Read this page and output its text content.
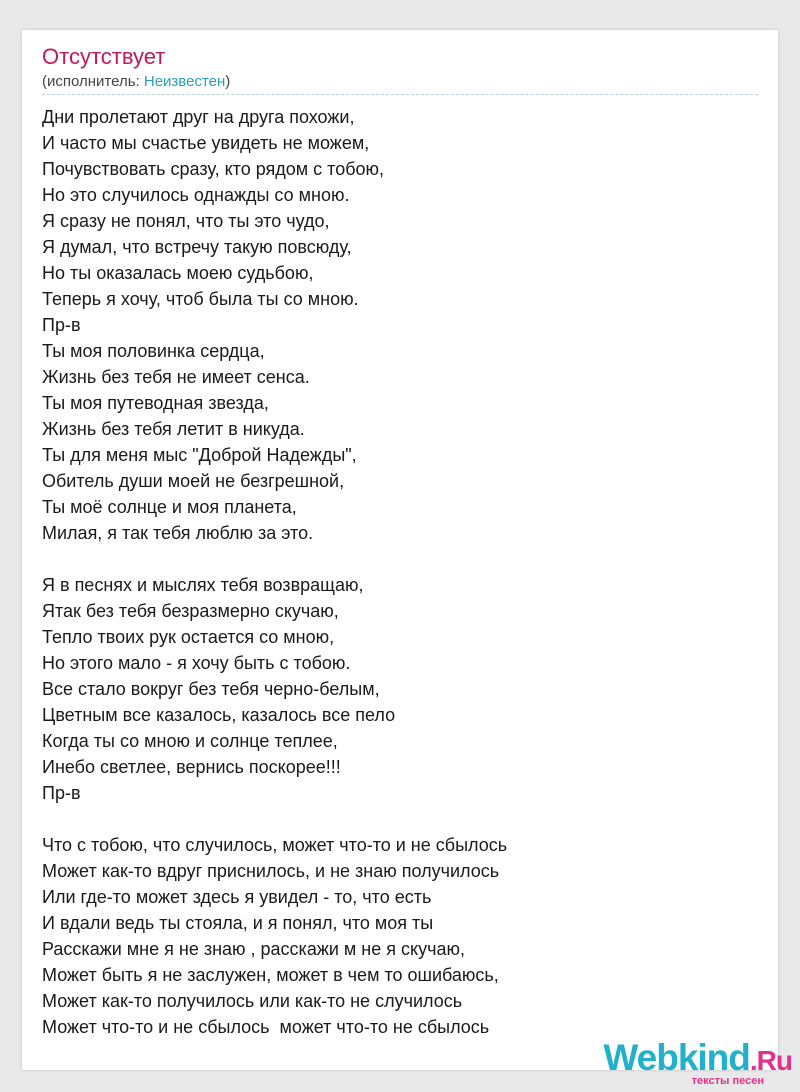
Отсутствует
(исполнитель: Неизвестен)
Дни пролетают друг на друга похожи,
И часто мы счастье увидеть не можем,
Почувствовать сразу, кто рядом с тобою,
Но это случилось однажды со мною.
Я сразу не понял, что ты это чудо,
Я думал, что встречу такую повсюду,
Но ты оказалась моею судьбою,
Теперь я хочу, чтоб была ты со мною.
Пр-в
Ты моя половинка сердца,
Жизнь без тебя не имеет сенса.
Ты моя путеводная звезда,
Жизнь без тебя летит в никуда.
Ты для меня мыс "Доброй Надежды",
Обитель души моей не безгрешной,
Ты моё солнце и моя планета,
Милая, я так тебя люблю за это.
Я в песнях и мыслях тебя возвращаю,
Ятак без тебя безразмерно скучаю,
Тепло твоих рук остается со мною,
Но этого мало - я хочу быть с тобою.
Все стало вокруг без тебя черно-белым,
Цветным все казалось, казалось все пело
Когда ты со мною и солнце теплее,
Инебо светлее, вернись поскорее!!!
Пр-в
Что с тобою, что случилось, может что-то и не сбылось
Может как-то вдруг приснилось, и не знаю получилось
Или где-то может здесь я увидел - то, что есть
И вдали ведь ты стояла, и я понял, что моя ты
Расскажи мне я не знаю , расскажи м не я скучаю,
Может быть я не заслужен, может в чем то ошибаюсь,
Может как-то получилось или как-то не случилось
Может что-то и не сбылось  может что-то не сбылось
Webkind.Ru
тексты песен
